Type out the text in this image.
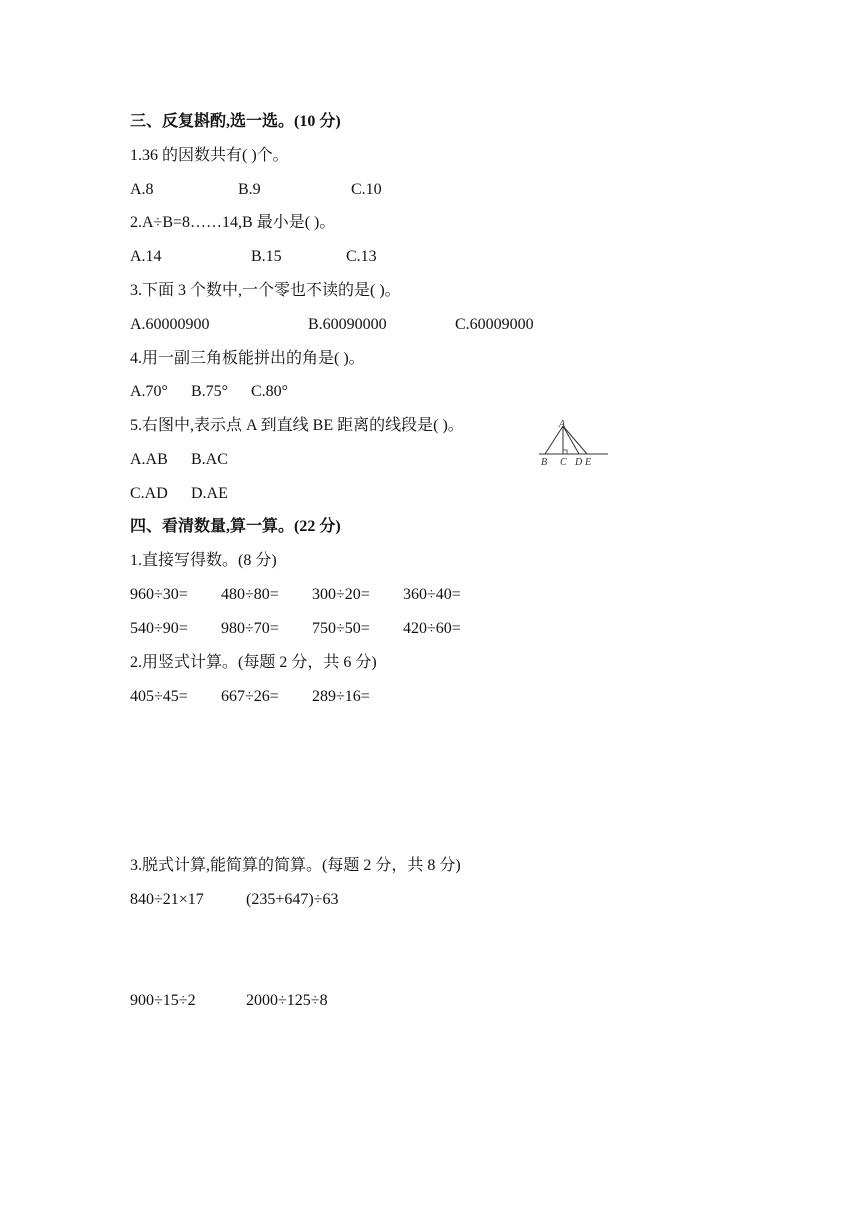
三、反复斟酌,选一选。(10 分)
1.36 的因数共有( )个。
A.8	B.9	C.10
2.A÷B=8……14,B 最小是( )。
A.14	B.15	C.13
3.下面 3 个数中,一个零也不读的是( )。
A.60000900	B.60090000	C.60009000
4.用一副三角板能拼出的角是( )。
A.70° B.75° C.80°
5.右图中,表示点 A 到直线 BE 距离的线段是( )。
A.AB B.AC
C.AD D.AE
A
B C D E
四、看清数量,算一算。(22 分)
1.直接写得数。(8 分)
960÷30= 480÷80= 300÷20= 360÷40=
540÷90= 980÷70= 750÷50= 420÷60=
2.用竖式计算。(每题 2 分，共 6 分)
405÷45= 667÷26= 289÷16=
3.脱式计算,能简算的简算。(每题 2 分，共 8 分)
840÷21×17	(235+647)÷63
900÷15÷2	2000÷125÷8
